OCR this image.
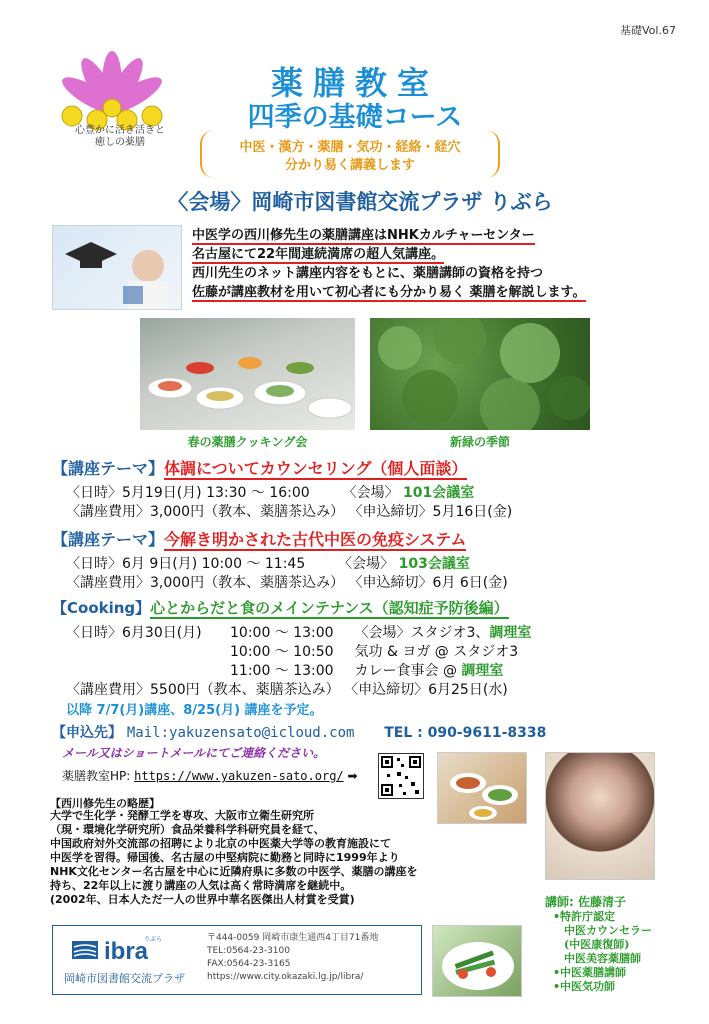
基礎Vol.67
心豊かに活き活きと
癒しの薬膳
薬膳教室
四季の基礎コース
中医・漢方・薬膳・気功・経絡・経穴
分かり易く講義します
〈会場〉岡崎市図書館交流プラザ りぶら
中医学の西川修先生の薬膳講座はNHKカルチャーセンター
名古屋にて22年間連続満席の超人気講座。
西川先生のネット講座内容をもとに、薬膳講師の資格を持つ
佐藤が講座教材を用いて初心者にも分かり易く 薬膳を解説します。
春の薬膳クッキング会	新緑の季節
【講座テーマ】体調についてカウンセリング（個人面談）
〈日時〉5月19日(月) 13:30 ～ 16:00 〈会場〉 101会議室
〈講座費用〉3,000円（教本、薬膳茶込み） 〈申込締切〉5月16日(金)
【講座テーマ】今解き明かされた古代中医の免疫システム
〈日時〉6月 9日(月) 10:00 ～ 11:45 〈会場〉 103会議室
〈講座費用〉3,000円（教本、薬膳茶込み） 〈申込締切〉6月 6日(金)
【Cooking】心とからだと食のメインテナンス（認知症予防後編）
〈日時〉6月30日(月) 10:00 ～ 13:00 〈会場〉スタジオ3、調理室
10:00 ～ 10:50 気功 & ヨガ @ スタジオ3
11:00 ～ 13:00 カレー食事会 @ 調理室
〈講座費用〉5500円（教本、薬膳茶込み） 〈申込締切〉6月25日(水)
以降 7/7(月)講座、8/25(月) 講座を予定。
【申込先】 Mail:yakuzensato@icloud.com TEL : 090-9611-8338
メール又はショートメールにてご連絡ください。
薬膳教室HP: https://www.yakuzen-sato.org/ ➡
【西川修先生の略歴】
大学で生化学・発酵工学を専攻、大阪市立衛生研究所
（現・環境化学研究所）食品栄養科学科研究員を経て、
中国政府対外交流部の招聘により北京の中医薬大学等の教育施設にて
中医学を習得。帰国後、名古屋の中堅病院に勤務と同時に1999年より
NHK文化センター名古屋を中心に近隣府県に多数の中医学、薬膳の講座を
持ち、22年以上に渡り講座の人気は高く常時満席を継続中。
(2002年、日本人ただ一人の世界中華名医傑出人材賞を受賞)	講師: 佐藤清子
•特許庁認定
　中医カウンセラー
　(中医康復師)
　中医美容薬膳師
•中医薬膳講師
•中医気功師
ibra
りぶら
岡崎市図書館交流プラザ
〒444-0059 岡崎市康生通西4丁目71番地
TEL:0564-23-3100
FAX:0564-23-3165
https://www.city.okazaki.lg.jp/libra/
